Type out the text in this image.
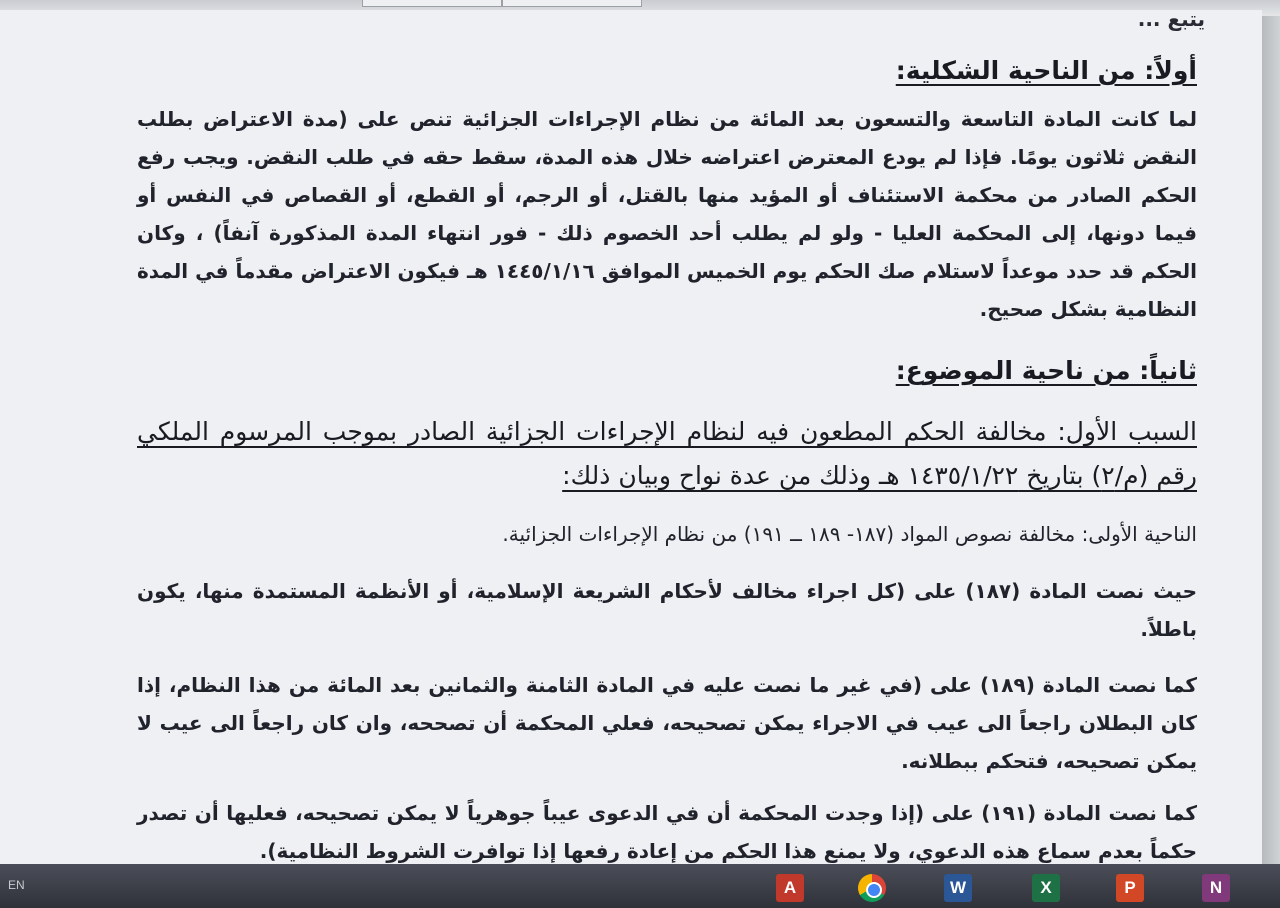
يتبع ...
أولاً: من الناحية الشكلية:
لما كانت المادة التاسعة والتسعون بعد المائة من نظام الإجراءات الجزائية تنص على (مدة الاعتراض بطلب النقض ثلاثون يومًا. فإذا لم يودع المعترض اعتراضه خلال هذه المدة، سقط حقه في طلب النقض. ويجب رفع الحكم الصادر من محكمة الاستئناف أو المؤيد منها بالقتل، أو الرجم، أو القطع، أو القصاص في النفس أو فيما دونها، إلى المحكمة العليا - ولو لم يطلب أحد الخصوم ذلك - فور انتهاء المدة المذكورة آنفاً) ، وكان الحكم قد حدد موعداً لاستلام صك الحكم يوم الخميس الموافق ١٤٤٥/١/١٦ هـ فيكون الاعتراض مقدماً في المدة النظامية بشكل صحيح.
ثانياً: من ناحية الموضوع:
السبب الأول: مخالفة الحكم المطعون فيه لنظام الإجراءات الجزائية الصادر بموجب المرسوم الملكي رقم (م/٢) بتاريخ ١٤٣٥/١/٢٢ هـ وذلك من عدة نواح وبيان ذلك:
الناحية الأولى: مخالفة نصوص المواد (١٨٧- ١٨٩ ــ ١٩١) من نظام الإجراءات الجزائية.
حيث نصت المادة (١٨٧) على (كل اجراء مخالف لأحكام الشريعة الإسلامية، أو الأنظمة المستمدة منها، يكون باطلاً.
كما نصت المادة (١٨٩) على (في غير ما نصت عليه في المادة الثامنة والثمانين بعد المائة من هذا النظام، إذا كان البطلان راجعاً الى عيب في الاجراء يمكن تصحيحه، فعلي المحكمة أن تصححه، وان كان راجعاً الى عيب لا يمكن تصحيحه، فتحكم ببطلانه.
كما نصت المادة (١٩١) على (إذا وجدت المحكمة أن في الدعوى عيباً جوهرياً لا يمكن تصحيحه، فعليها أن تصدر حكماً بعدم سماع هذه الدعوي، ولا يمنع هذا الحكم من إعادة رفعها إذا توافرت الشروط النظامية).
EN	A	W	X	P	N
